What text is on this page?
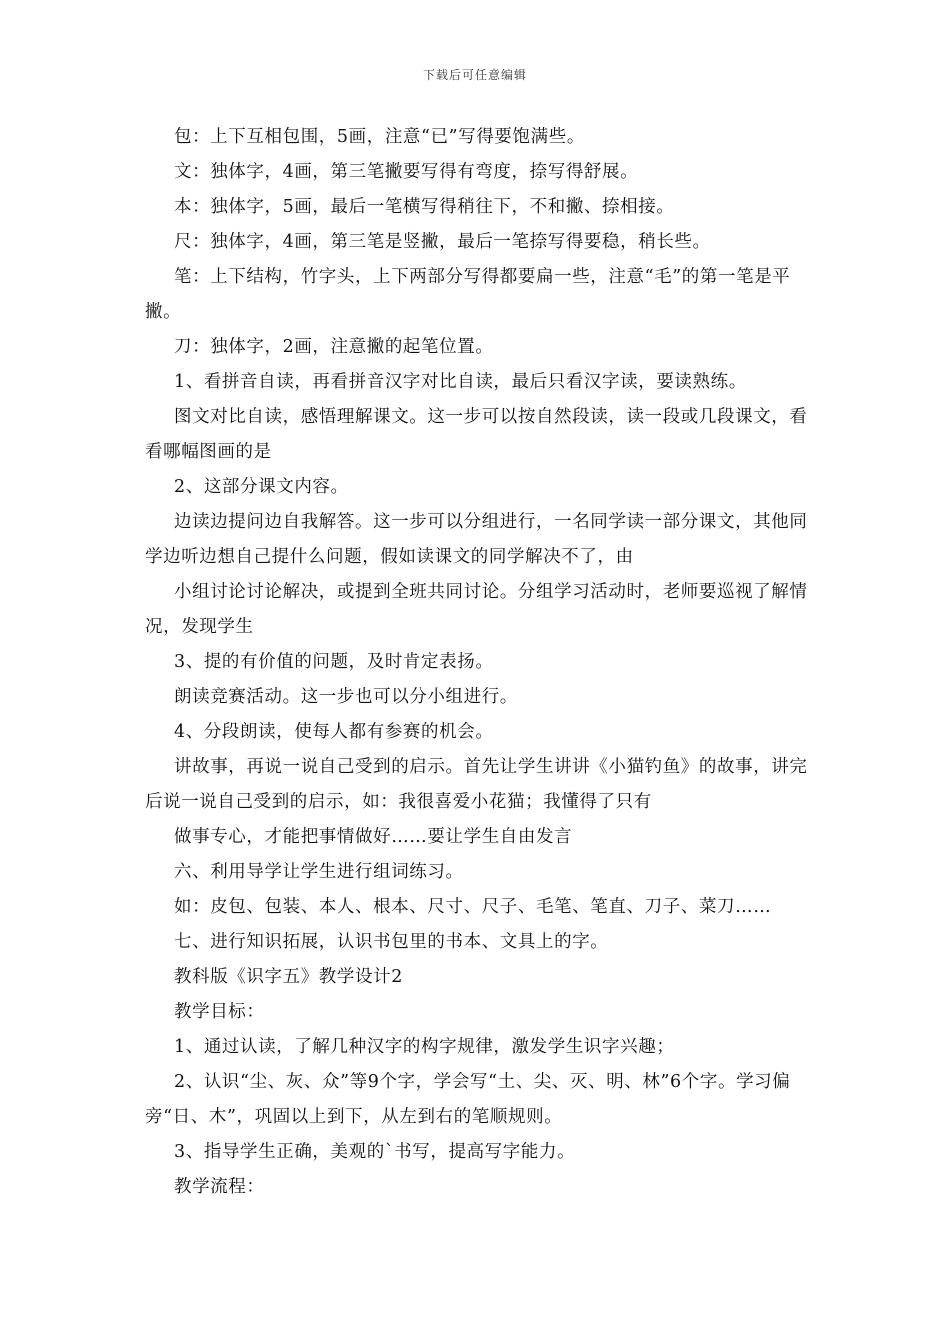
下载后可任意编辑

包：上下互相包围，5画，注意“已”写得要饱满些。

文：独体字，4画，第三笔撇要写得有弯度，捺写得舒展。

本：独体字，5画，最后一笔横写得稍往下，不和撇、捺相接。

尺：独体字，4画，第三笔是竖撇，最后一笔捺写得要稳，稍长些。

笔：上下结构，竹字头，上下两部分写得都要扁一些，注意“毛”的第一笔是平撇。

刀：独体字，2画，注意撇的起笔位置。

1、看拼音自读，再看拼音汉字对比自读，最后只看汉字读，要读熟练。

图文对比自读，感悟理解课文。这一步可以按自然段读，读一段或几段课文，看看哪幅图画的是

2、这部分课文内容。

边读边提问边自我解答。这一步可以分组进行，一名同学读一部分课文，其他同学边听边想自己提什么问题，假如读课文的同学解决不了，由

小组讨论讨论解决，或提到全班共同讨论。分组学习活动时，老师要巡视了解情况，发现学生

3、提的有价值的问题，及时肯定表扬。

朗读竞赛活动。这一步也可以分小组进行。

4、分段朗读，使每人都有参赛的机会。

讲故事，再说一说自己受到的启示。首先让学生讲讲《小猫钓鱼》的故事，讲完后说一说自己受到的启示，如：我很喜爱小花猫；我懂得了只有

做事专心，才能把事情做好……要让学生自由发言

六、利用导学让学生进行组词练习。

如：皮包、包装、本人、根本、尺寸、尺子、毛笔、笔直、刀子、菜刀……

七、进行知识拓展，认识书包里的书本、文具上的字。

教科版《识字五》教学设计2

教学目标：

1、通过认读，了解几种汉字的构字规律，激发学生识字兴趣；

2、认识“尘、灰、众”等9个字，学会写“土、尖、灭、明、林”6个字。学习偏旁“日、木”，巩固以上到下，从左到右的笔顺规则。

3、指导学生正确，美观的`书写，提高写字能力。

教学流程：
